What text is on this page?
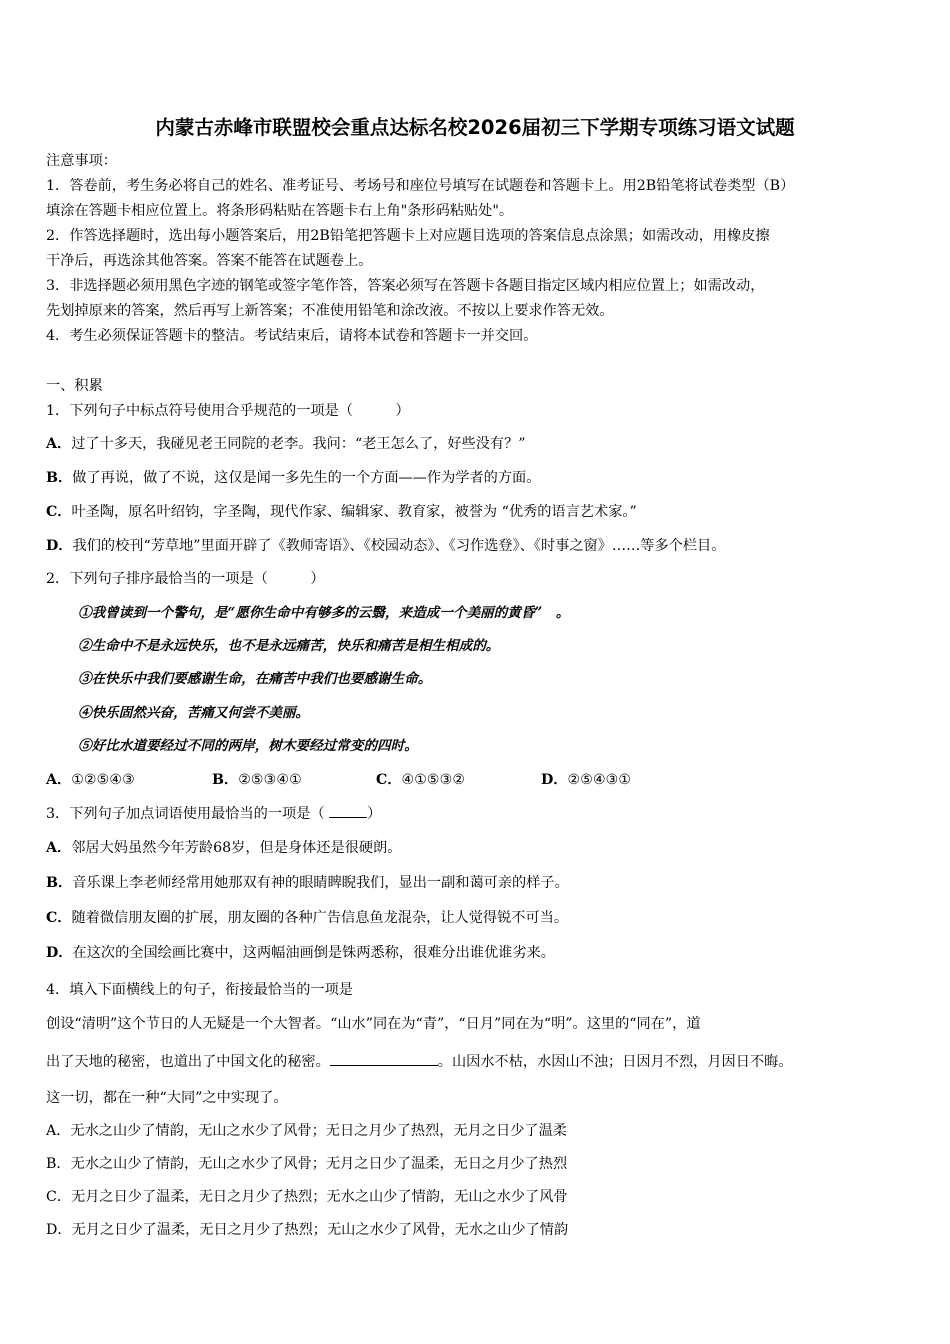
内蒙古赤峰市联盟校会重点达标名校2026届初三下学期专项练习语文试题
注意事项：
1．答卷前，考生务必将自己的姓名、准考证号、考场号和座位号填写在试题卷和答题卡上。用2B铅笔将试卷类型（B）
填涂在答题卡相应位置上。将条形码粘贴在答题卡右上角"条形码粘贴处"。
2．作答选择题时，选出每小题答案后，用2B铅笔把答题卡上对应题目选项的答案信息点涂黑；如需改动，用橡皮擦
干净后，再选涂其他答案。答案不能答在试题卷上。
3．非选择题必须用黑色字迹的钢笔或签字笔作答，答案必须写在答题卡各题目指定区域内相应位置上；如需改动，
先划掉原来的答案，然后再写上新答案；不准使用铅笔和涂改液。不按以上要求作答无效。
4．考生必须保证答题卡的整洁。考试结束后，请将本试卷和答题卡一并交回。
一、积累
1．下列句子中标点符号使用合乎规范的一项是（　　　）
A．过了十多天，我碰见老王同院的老李。我问：“老王怎么了，好些没有？”
B．做了再说，做了不说，这仅是闻一多先生的一个方面——作为学者的方面。
C．叶圣陶，原名叶绍钧，字圣陶，现代作家、编辑家、教育家，被誉为 “优秀的语言艺术家。”
D．我们的校刊“芳草地”里面开辟了《教师寄语》、《校园动态》、《习作选登》、《时事之窗》……等多个栏目。
2．下列句子排序最恰当的一项是（　　　）
①我曾读到一个警句，是“愿你生命中有够多的云翳，来造成一个美丽的黄昏”　。
②生命中不是永远快乐，也不是永远痛苦，快乐和痛苦是相生相成的。
③在快乐中我们要感谢生命，在痛苦中我们也要感谢生命。
④快乐固然兴奋，苦痛又何尝不美丽。
⑤好比水道要经过不同的两岸，树木要经过常变的四时。
A．①②⑤④③	B．②⑤③④①	C．④①⑤③②	D．②⑤④③①
3．下列句子加点词语使用最恰当的一项是（	）
A．邻居大妈虽然今年芳龄68岁，但是身体还是很硬朗。
B．音乐课上李老师经常用她那双有神的眼睛睥睨我们，显出一副和蔼可亲的样子。
C．随着微信朋友圈的扩展，朋友圈的各种广告信息鱼龙混杂，让人觉得锐不可当。
D．在这次的全国绘画比赛中，这两幅油画倒是铢两悉称，很难分出谁优谁劣来。
4．填入下面横线上的句子，衔接最恰当的一项是
创设“清明”这个节日的人无疑是一个大智者。“山水”同在为“青”，“日月”同在为“明”。这里的“同在”，道
出了天地的秘密，也道出了中国文化的秘密。	。山因水不枯，水因山不浊；日因月不烈，月因日不晦。
这一切，都在一种“大同”之中实现了。
A．无水之山少了情韵，无山之水少了风骨；无日之月少了热烈，无月之日少了温柔
B．无水之山少了情韵，无山之水少了风骨；无月之日少了温柔，无日之月少了热烈
C．无月之日少了温柔，无日之月少了热烈；无水之山少了情韵，无山之水少了风骨
D．无月之日少了温柔，无日之月少了热烈；无山之水少了风骨，无水之山少了情韵
